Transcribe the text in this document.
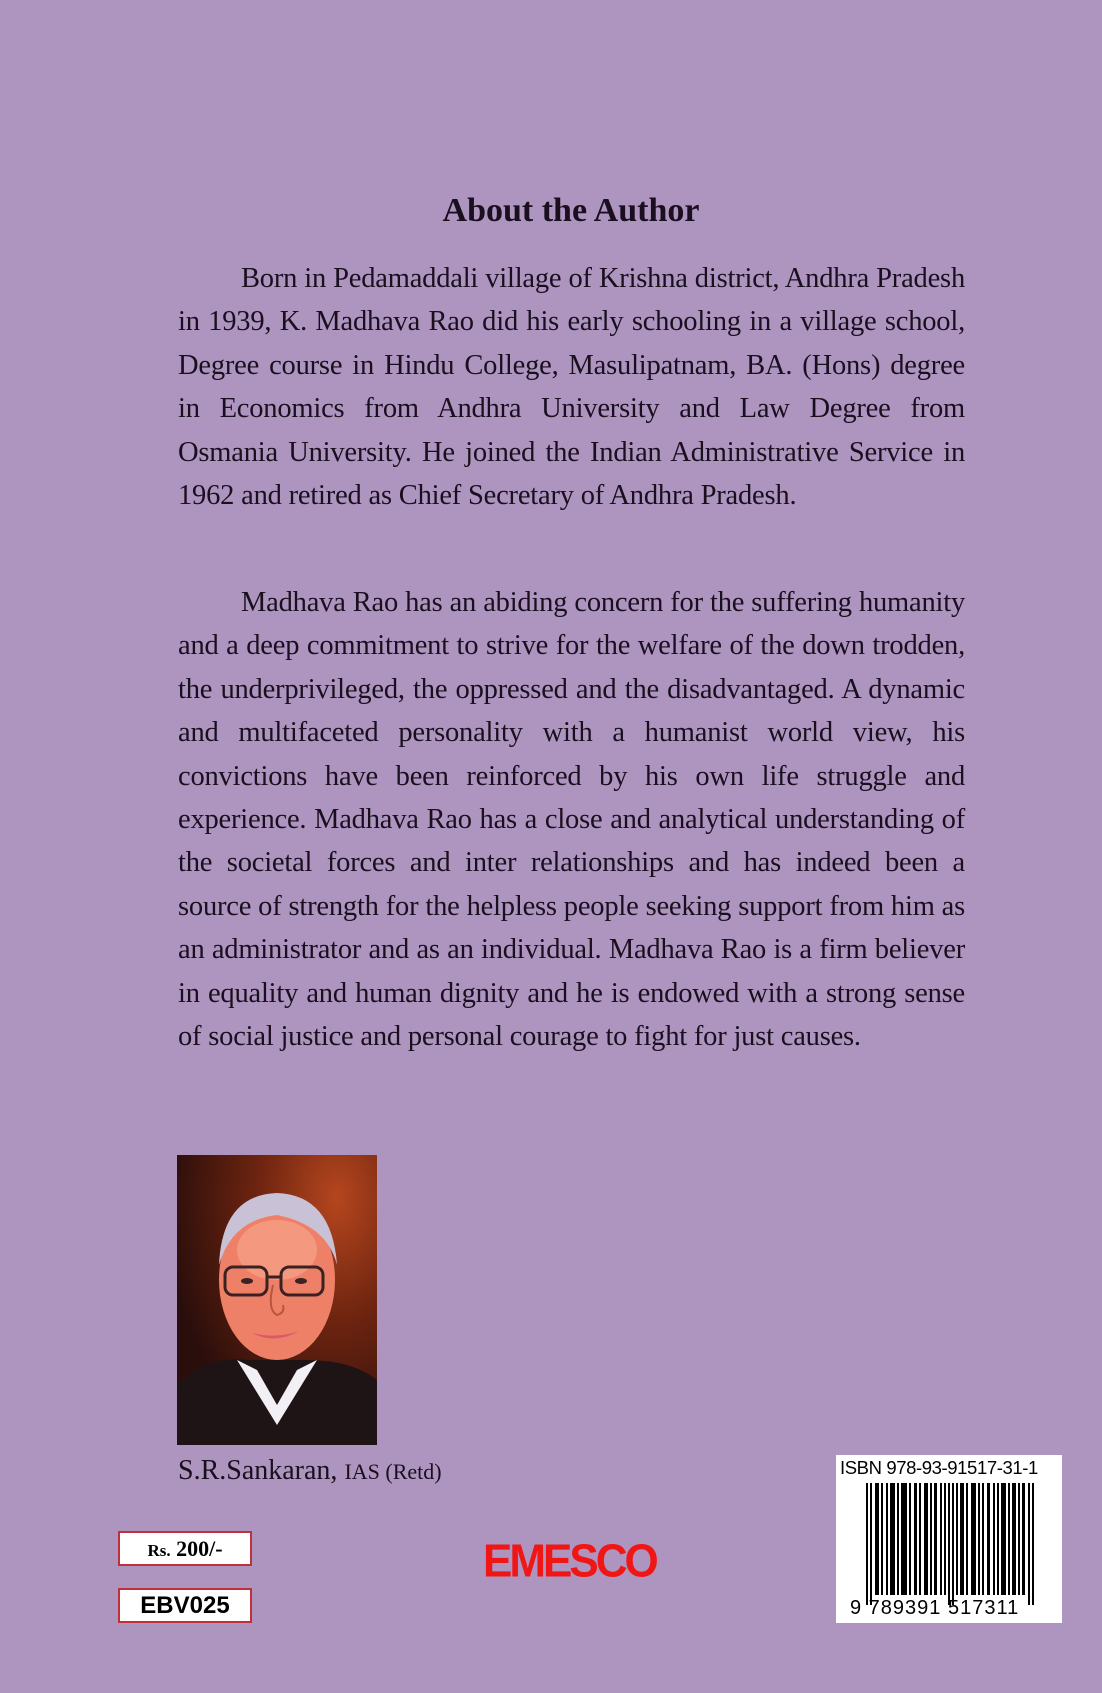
About the Author

Born in Pedamaddali village of Krishna district, Andhra Pradesh in 1939, K. Madhava Rao did his early schooling in a village school, Degree course in Hindu College, Masulipatnam, BA. (Hons) degree in Economics from Andhra University and Law Degree from Osmania University. He joined the Indian Administrative Service in 1962 and retired as Chief Secretary of Andhra Pradesh.

Madhava Rao has an abiding concern for the suffering humanity and a deep commitment to strive for the welfare of the down trodden, the underprivileged, the oppressed and the disadvantaged. A dynamic and multifaceted personality with a humanist world view, his convictions have been reinforced by his own life struggle and experience. Madhava Rao has a close and analytical understanding of the societal forces and inter relationships and has indeed been a source of strength for the helpless people seeking support from him as an administrator and as an individual. Madhava Rao is a firm believer in equality and human dignity and he is endowed with a strong sense of social justice and personal courage to fight for just causes.

S.R.Sankaran, IAS (Retd)
Rs. 200/-
EBV025
EMESCO
ISBN 978-93-91517-31-1
9 789391 517311
